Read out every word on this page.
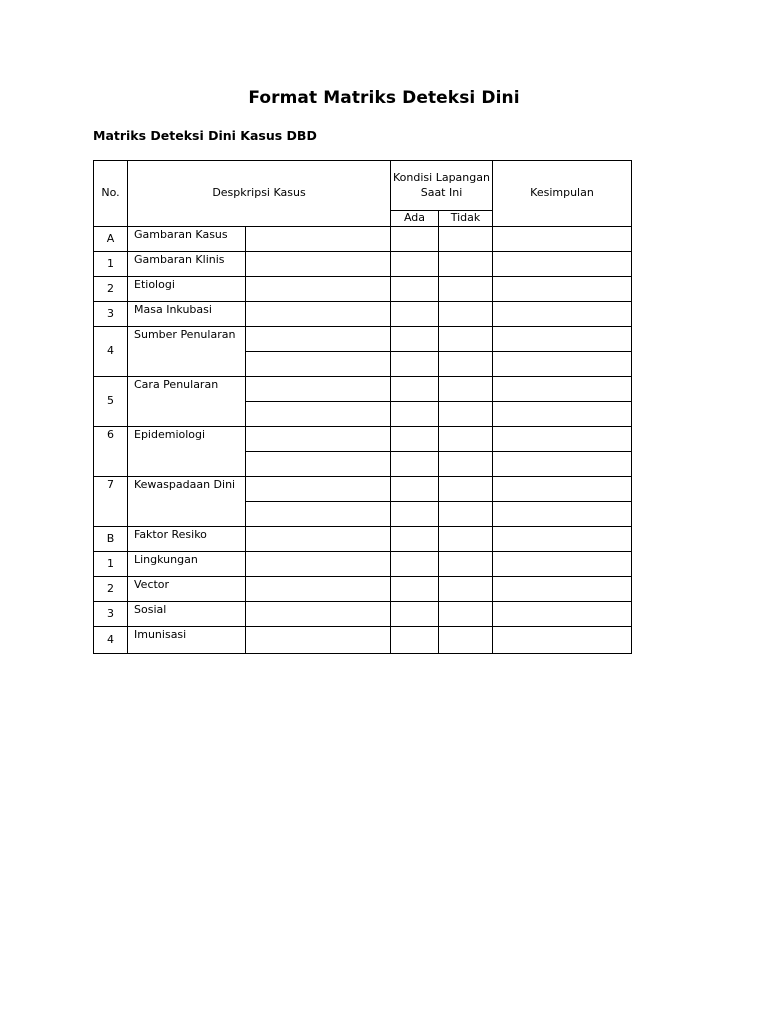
Format Matriks Deteksi Dini
Matriks Deteksi Dini Kasus DBD
No.	Despkripsi Kasus		Kondisi Lapangan Saat Ini		Kesimpulan
			Ada	Tidak	
A	Gambaran Kasus				

1	Gambaran Klinis				

2	Etiologi				

3	Masa Inkubasi				

4	Sumber Penularan				

5	Cara Penularan				

6	Epidemiologi				

7	Kewaspadaan Dini				

B	Faktor Resiko				

1	Lingkungan				

2	Vector				

3	Sosial				

4	Imunisasi				
